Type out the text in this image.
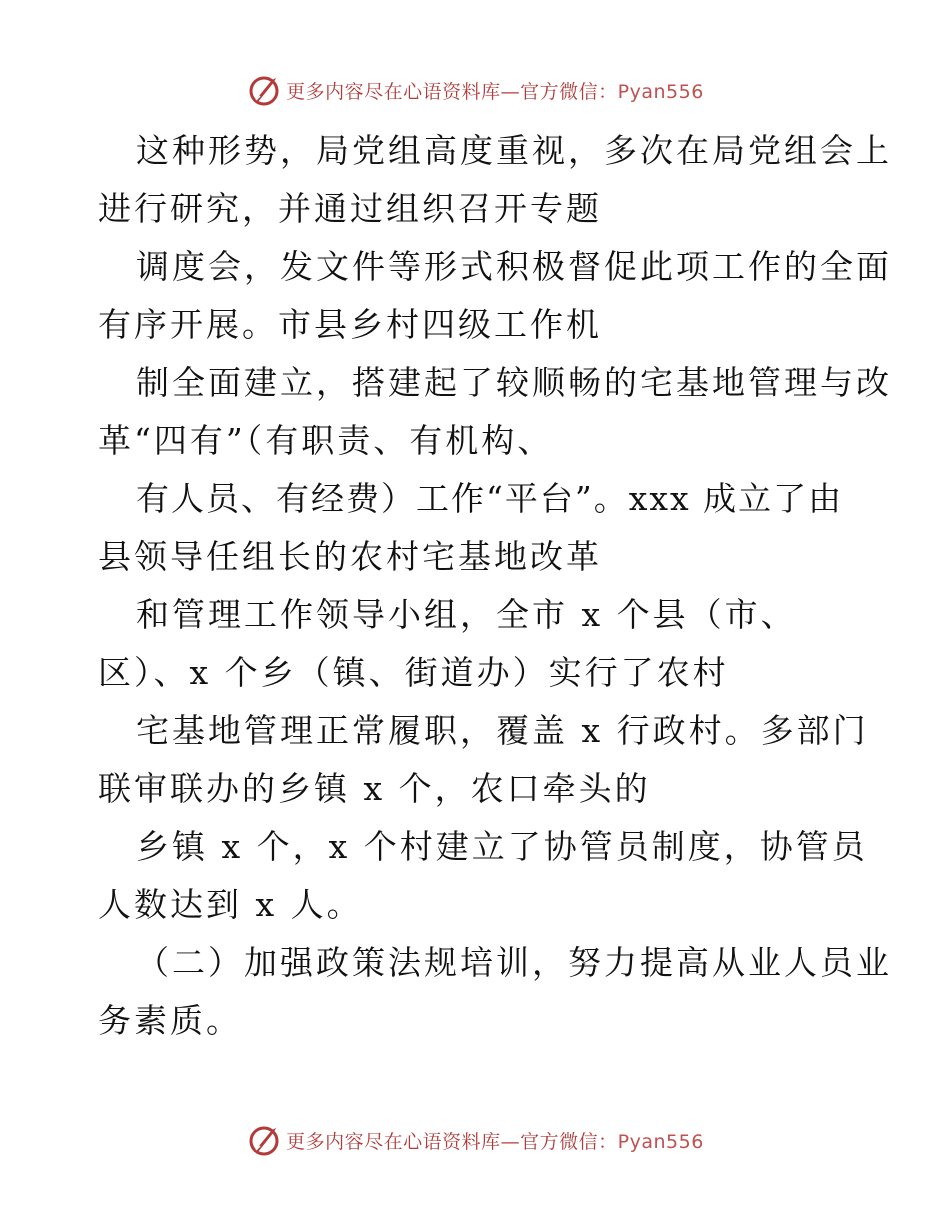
更多内容尽在心语资料库—官方微信：Pyan556
这种形势，局党组高度重视，多次在局党组会上
进行研究，并通过组织召开专题
调度会，发文件等形式积极督促此项工作的全面
有序开展。市县乡村四级工作机
制全面建立，搭建起了较顺畅的宅基地管理与改
革“四有”（有职责、有机构、
有人员、有经费）工作“平台”。xxx 成立了由
县领导任组长的农村宅基地改革
和管理工作领导小组，全市 x 个县（市、
区）、x 个乡（镇、街道办）实行了农村
宅基地管理正常履职，覆盖 x 行政村。多部门
联审联办的乡镇 x 个，农口牵头的
乡镇 x 个，x 个村建立了协管员制度，协管员
人数达到 x 人。
（二）加强政策法规培训，努力提高从业人员业
务素质。
更多内容尽在心语资料库—官方微信：Pyan556
